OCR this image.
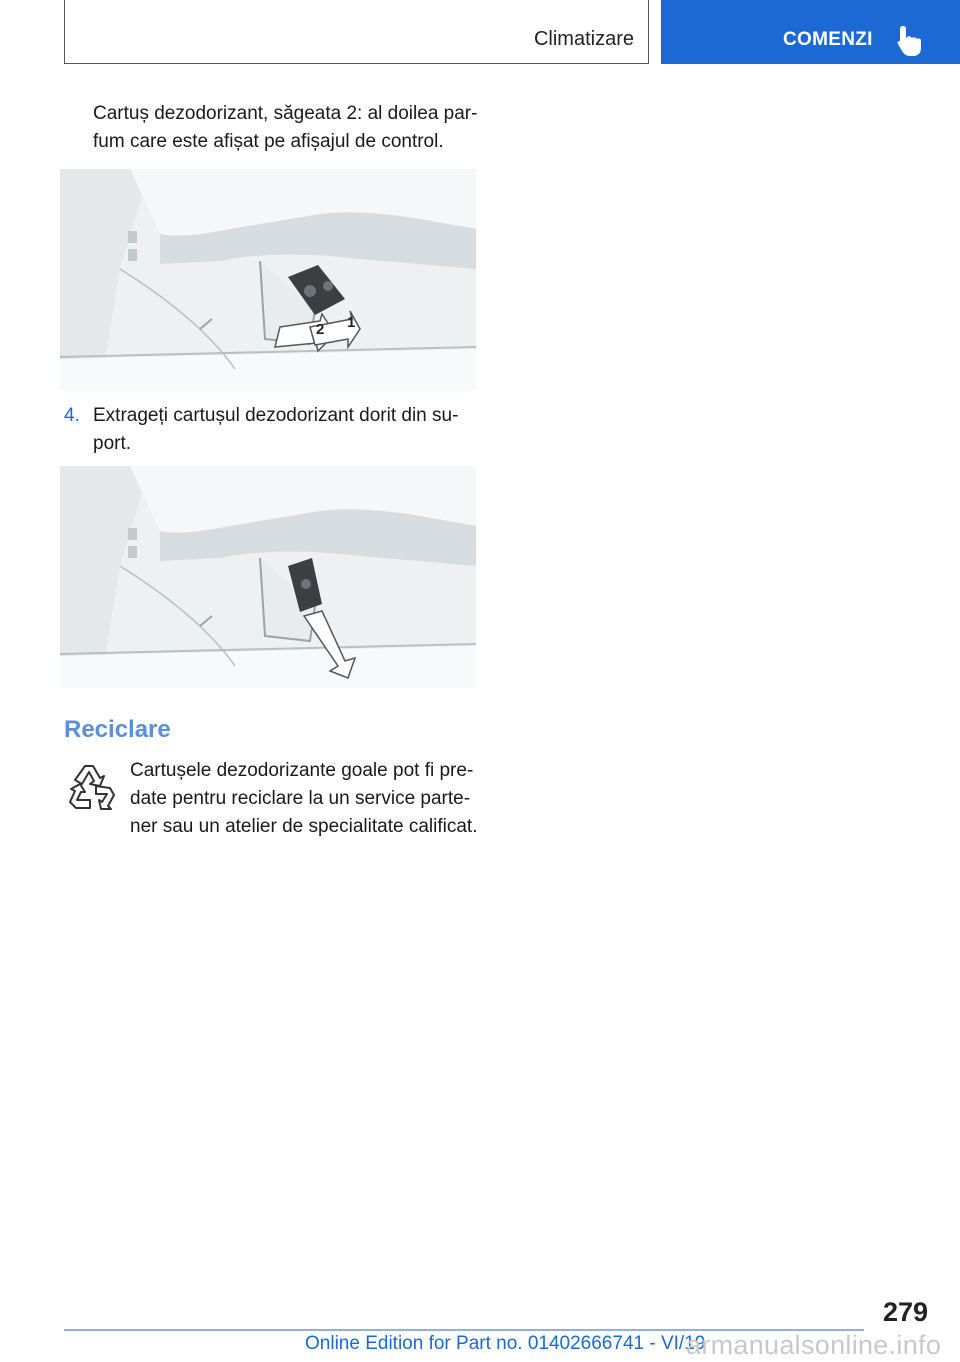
Climatizare	COMENZI
Cartuș dezodorizant, săgeata 2: al doilea parfum care este afișat pe afișajul de control.
2 1
4. Extrageți cartușul dezodorizant dorit din suport.
Reciclare
Cartușele dezodorizante goale pot fi predate pentru reciclare la un service partener sau un atelier de specialitate calificat.
279
Online Edition for Part no. 01402666741 - VI/19
armanualsonline.info
